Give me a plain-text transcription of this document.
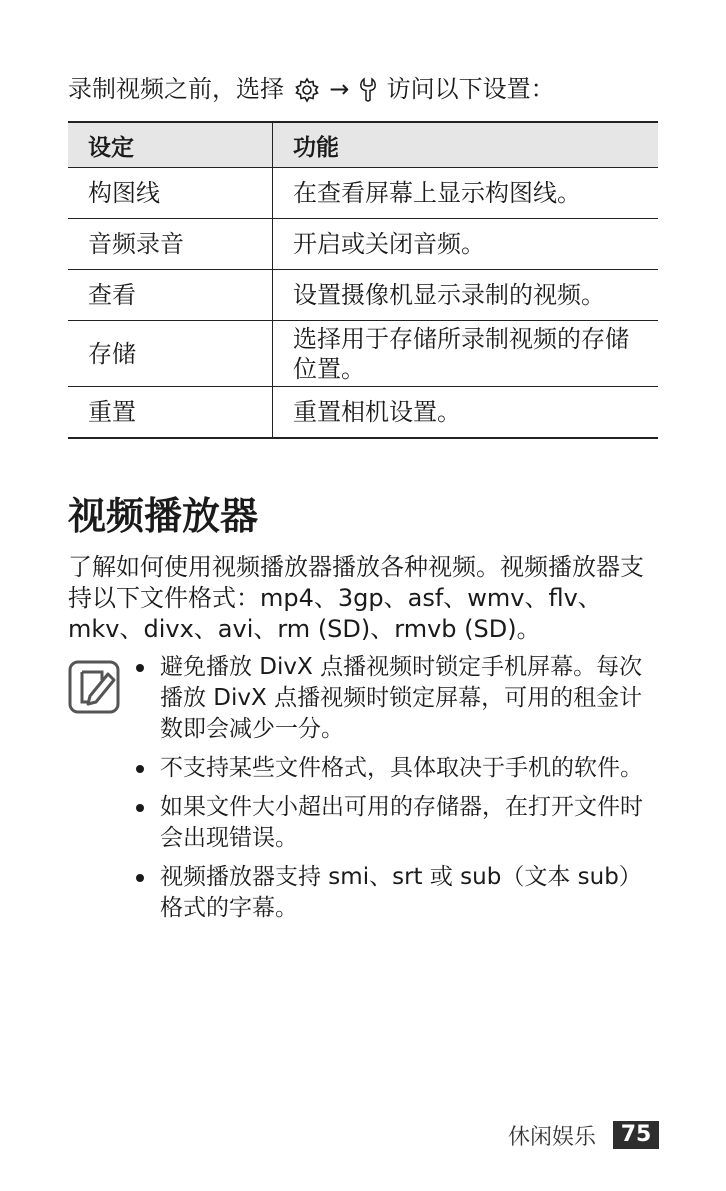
录制视频之前，选择 → 访问以下设置：
设定	功能
构图线	在查看屏幕上显示构图线。
音频录音	开启或关闭音频。
查看	设置摄像机显示录制的视频。
存储	选择用于存储所录制视频的存储位置。
重置	重置相机设置。
视频播放器

了解如何使用视频播放器播放各种视频。视频播放器支持以下文件格式：mp4、3gp、asf、wmv、flv、mkv、divx、avi、rm (SD)、rmvb (SD)。

避免播放 DivX 点播视频时锁定手机屏幕。每次播放 DivX 点播视频时锁定屏幕，可用的租金计数即会减少一分。
不支持某些文件格式，具体取决于手机的软件。
如果文件大小超出可用的存储器，在打开文件时会出现错误。
视频播放器支持 smi、srt 或 sub（文本 sub）格式的字幕。
休闲娱乐	75
